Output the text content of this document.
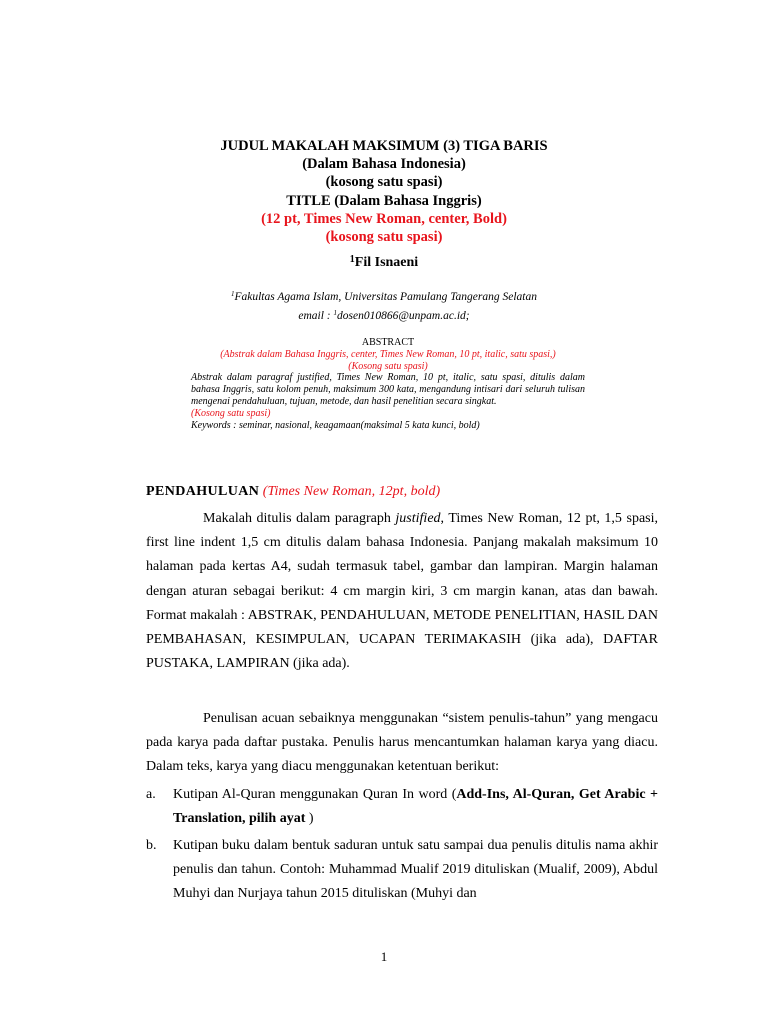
JUDUL MAKALAH MAKSIMUM (3) TIGA BARIS
(Dalam Bahasa Indonesia)
(kosong satu spasi)
TITLE (Dalam Bahasa Inggris)
(12 pt, Times New Roman, center, Bold)
(kosong satu spasi)
$^1$Fil Isnaeni
$^1$Fakultas Agama Islam, Universitas Pamulang Tangerang Selatan
email : $^1$dosen010866@unpam.ac.id;
ABSTRACT
(Abstrak dalam Bahasa Inggris, center, Times New Roman, 10 pt, italic, satu spasi,)
(Kosong satu spasi)
Abstrak dalam paragraf justified, Times New Roman, 10 pt, italic, satu spasi, ditulis dalam bahasa Inggris, satu kolom penuh, maksimum 300 kata, mengandung intisari dari seluruh tulisan mengenai pendahuluan, tujuan, metode, dan hasil penelitian secara singkat.
(Kosong satu spasi)
Keywords : seminar, nasional, keagamaan(maksimal 5 kata kunci, bold)
PENDAHULUAN (Times New Roman, 12pt, bold)
Makalah ditulis dalam paragraph justified, Times New Roman, 12 pt, 1,5 spasi, first line indent 1,5 cm ditulis dalam bahasa Indonesia. Panjang makalah maksimum 10 halaman pada kertas A4, sudah termasuk tabel, gambar dan lampiran. Margin halaman dengan aturan sebagai berikut: 4 cm margin kiri, 3 cm margin kanan, atas dan bawah. Format makalah : ABSTRAK, PENDAHULUAN, METODE PENELITIAN, HASIL DAN PEMBAHASAN, KESIMPULAN, UCAPAN TERIMAKASIH (jika ada), DAFTAR PUSTAKA, LAMPIRAN (jika ada).
Penulisan acuan sebaiknya menggunakan “sistem penulis-tahun” yang mengacu pada karya pada daftar pustaka. Penulis harus mencantumkan halaman karya yang diacu. Dalam teks, karya yang diacu menggunakan ketentuan berikut:
a. Kutipan Al-Quran menggunakan Quran In word (Add-Ins, Al-Quran, Get Arabic + Translation, pilih ayat )
b. Kutipan buku dalam bentuk saduran untuk satu sampai dua penulis ditulis nama akhir penulis dan tahun. Contoh: Muhammad Mualif 2019 dituliskan (Mualif, 2009), Abdul Muhyi dan Nurjaya tahun 2015 dituliskan (Muhyi dan
1
